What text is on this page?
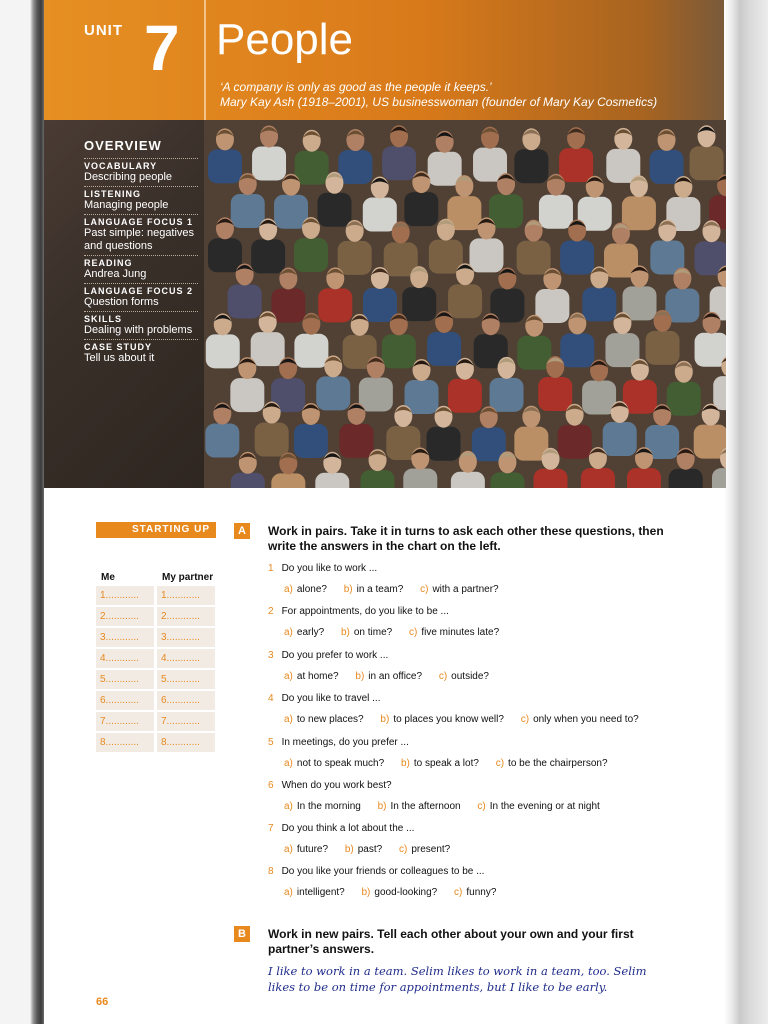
UNIT 7 People
‘A company is only as good as the people it keeps.’
Mary Kay Ash (1918–2001), US businesswoman (founder of Mary Kay Cosmetics)
OVERVIEW
VOCABULARY
Describing people
LISTENING
Managing people
LANGUAGE FOCUS 1
Past simple: negatives and questions
READING
Andrea Jung
LANGUAGE FOCUS 2
Question forms
SKILLS
Dealing with problems
CASE STUDY
Tell us about it
STARTING UP
Me	My partner
1............	1............
2............	2............
3............	3............
4............	4............
5............	5............
6............	6............
7............	7............
8............	8............
A	Work in pairs. Take it in turns to ask each other these questions, then write the answers in the chart on the left.
1 Do you like to work ...
a) alone? b) in a team? c) with a partner?
2 For appointments, do you like to be ...
a) early? b) on time? c) five minutes late?
3 Do you prefer to work ...
a) at home? b) in an office? c) outside?
4 Do you like to travel ...
a) to new places? b) to places you know well? c) only when you need to?
5 In meetings, do you prefer ...
a) not to speak much? b) to speak a lot? c) to be the chairperson?
6 When do you work best?
a) In the morning b) In the afternoon c) In the evening or at night
7 Do you think a lot about the ...
a) future? b) past? c) present?
8 Do you like your friends or colleagues to be ...
a) intelligent? b) good-looking? c) funny?
B	Work in new pairs. Tell each other about your own and your first partner’s answers.
I like to work in a team. Selim likes to work in a team, too. Selim likes to be on time for appointments, but I like to be early.
66
